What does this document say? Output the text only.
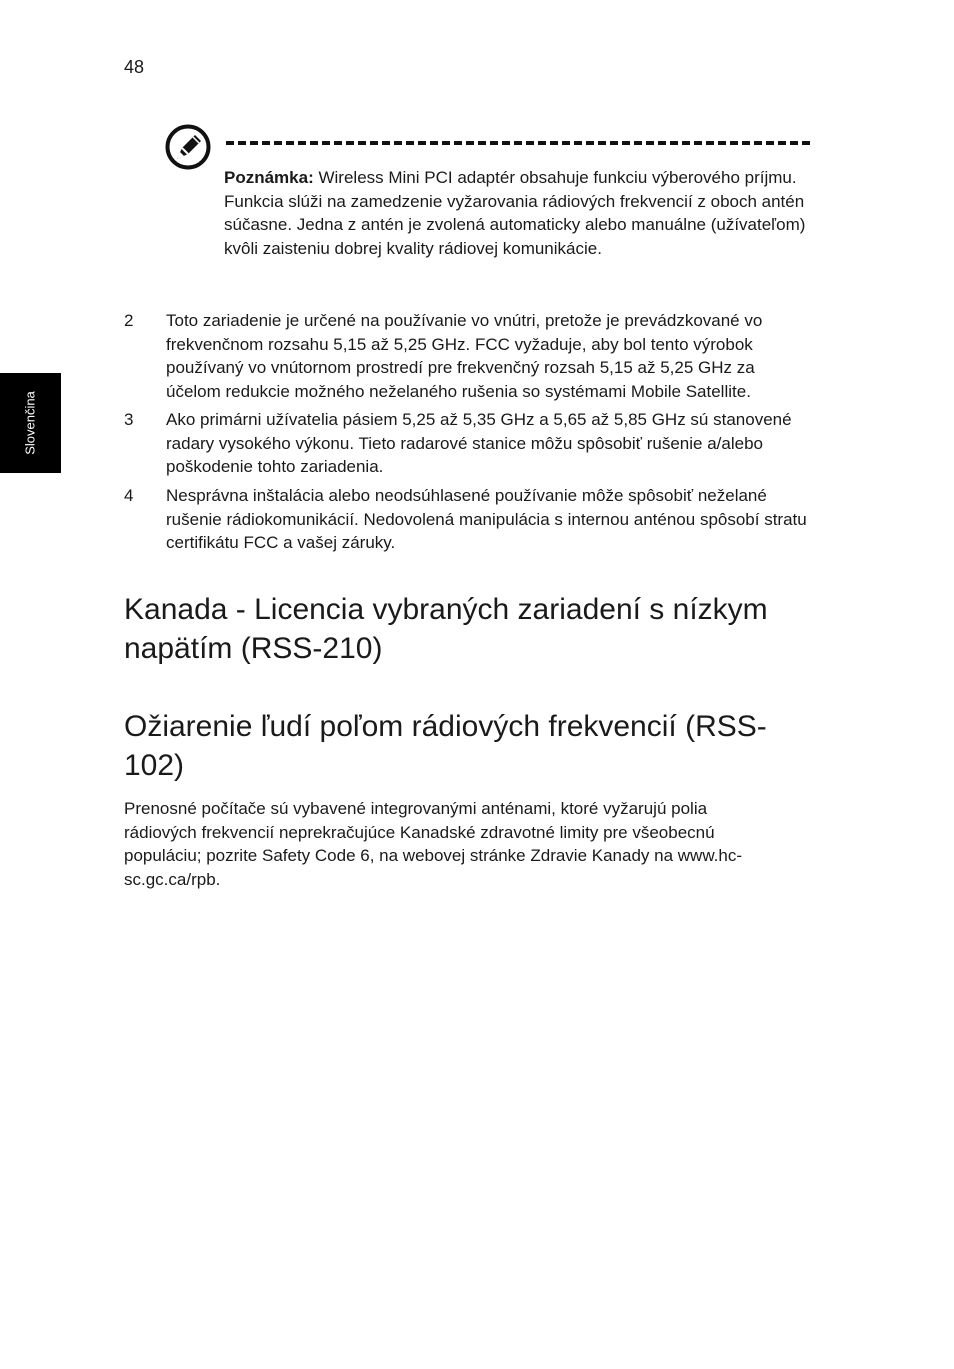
48
Slovenčina
Poznámka: Wireless Mini PCI adaptér obsahuje funkciu výberového príjmu. Funkcia slúži na zamedzenie vyžarovania rádiových frekvencií z oboch antén súčasne. Jedna z antén je zvolená automaticky alebo manuálne (užívateľom) kvôli zaisteniu dobrej kvality rádiovej komunikácie.
2 Toto zariadenie je určené na používanie vo vnútri, pretože je prevádzkované vo frekvenčnom rozsahu 5,15 až 5,25 GHz. FCC vyžaduje, aby bol tento výrobok používaný vo vnútornom prostredí pre frekvenčný rozsah 5,15 až 5,25 GHz za účelom redukcie možného neželaného rušenia so systémami Mobile Satellite.
3 Ako primárni užívatelia pásiem 5,25 až 5,35 GHz a 5,65 až 5,85 GHz sú stanovené radary vysokého výkonu. Tieto radarové stanice môžu spôsobiť rušenie a/alebo poškodenie tohto zariadenia.
4 Nesprávna inštalácia alebo neodsúhlasené používanie môže spôsobiť neželané rušenie rádiokomunikácií. Nedovolená manipulácia s internou anténou spôsobí stratu certifikátu FCC a vašej záruky.
Kanada - Licencia vybraných zariadení s nízkym napätím (RSS-210)
Ožiarenie ľudí poľom rádiových frekvencií (RSS-102)
Prenosné počítače sú vybavené integrovanými anténami, ktoré vyžarujú polia rádiových frekvencií neprekračujúce Kanadské zdravotné limity pre všeobecnú populáciu; pozrite Safety Code 6, na webovej stránke Zdravie Kanady na www.hc-sc.gc.ca/rpb.
